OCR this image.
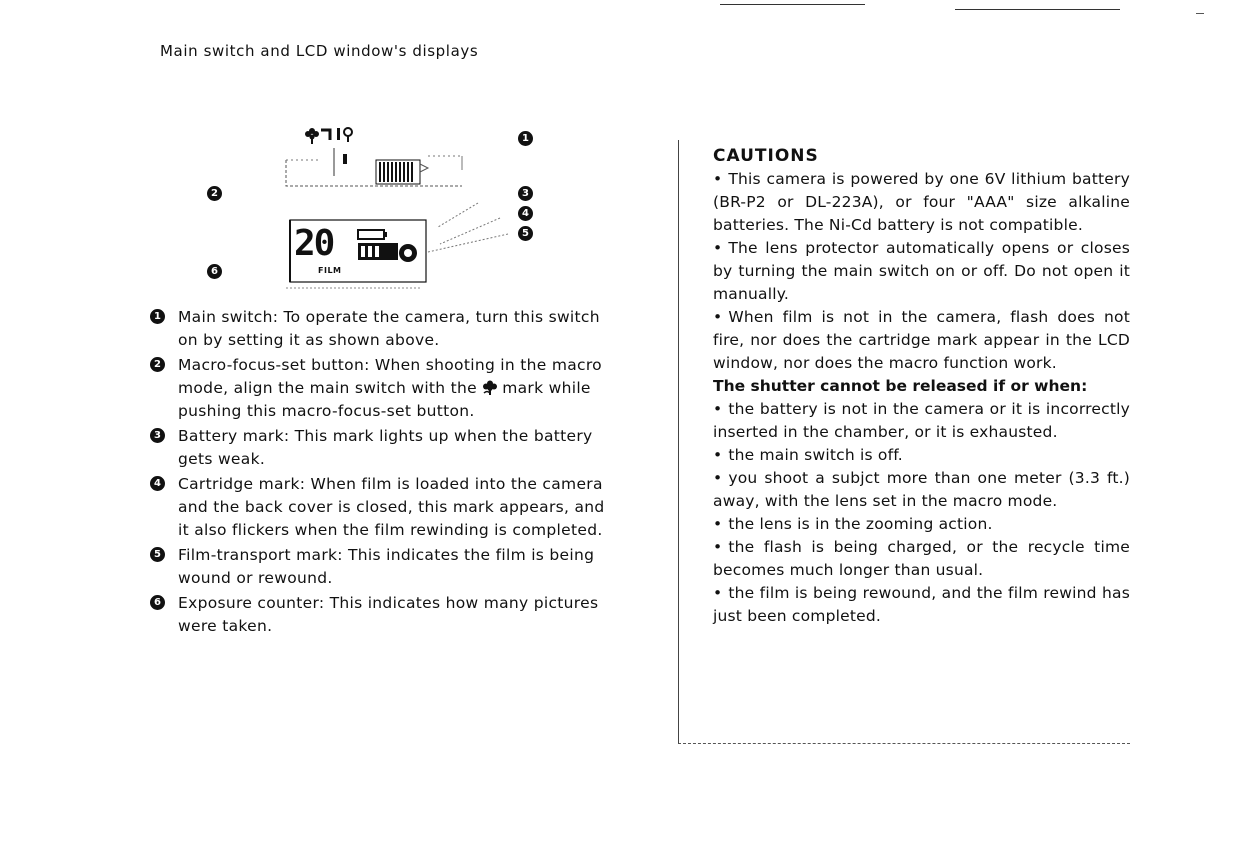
Main switch and LCD window's displays
1
2	3
4
5
6
20
FILM
1 Main switch: To operate the camera, turn this switch on by setting it as shown above.
2 Macro-focus-set button: When shooting in the macro mode, align the main switch with the mark while pushing this macro-focus-set button.
3 Battery mark: This mark lights up when the battery gets weak.
4 Cartridge mark: When film is loaded into the camera and the back cover is closed, this mark appears, and it also flickers when the film rewinding is completed.
5 Film-transport mark: This indicates the film is being wound or rewound.
6 Exposure counter: This indicates how many pictures were taken.
CAUTIONS
• This camera is powered by one 6V lithium battery (BR-P2 or DL-223A), or four "AAA" size alkaline batteries. The Ni-Cd battery is not compatible.
• The lens protector automatically opens or closes by turning the main switch on or off. Do not open it manually.
• When film is not in the camera, flash does not fire, nor does the cartridge mark appear in the LCD window, nor does the macro function work.
The shutter cannot be released if or when:
• the battery is not in the camera or it is incorrectly inserted in the chamber, or it is exhausted.
• the main switch is off.
• you shoot a subjct more than one meter (3.3 ft.) away, with the lens set in the macro mode.
• the lens is in the zooming action.
• the flash is being charged, or the recycle time becomes much longer than usual.
• the film is being rewound, and the film rewind has just been completed.
